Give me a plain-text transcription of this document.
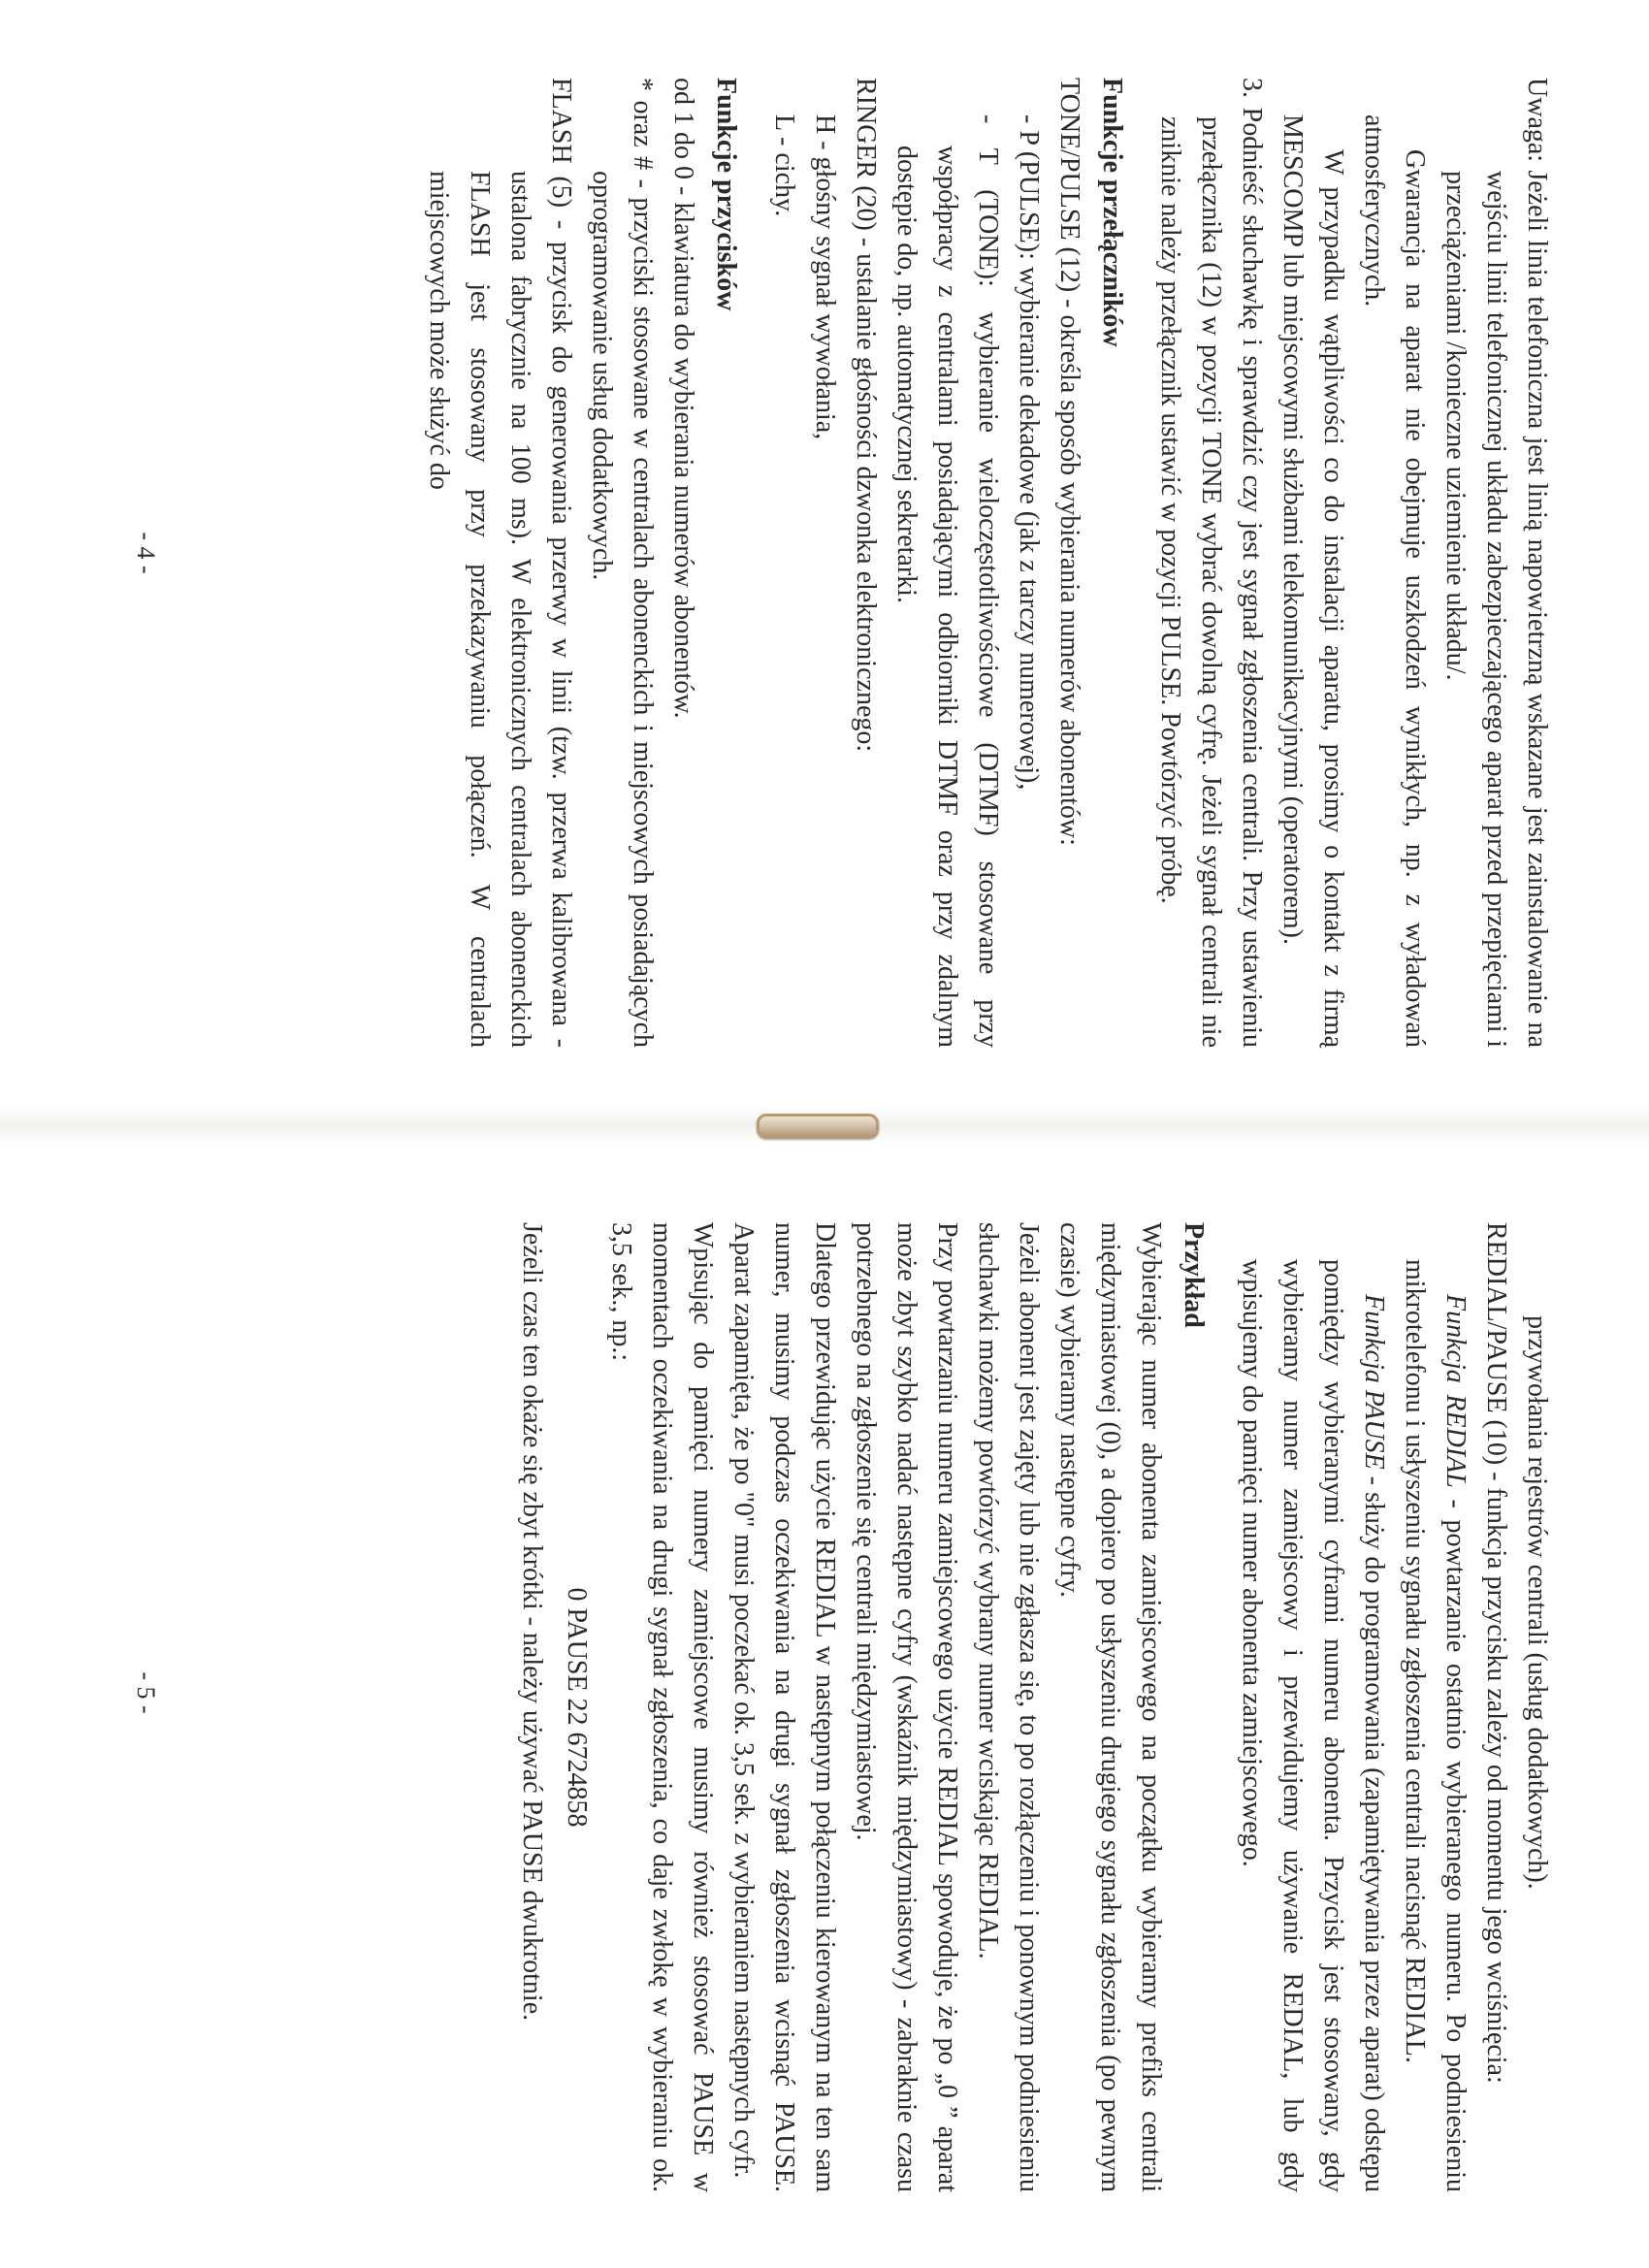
Uwaga: Jeżeli linia telefoniczna jest linią napowietrzną wskazane jest zainstalowanie na wejściu linii telefonicznej układu zabezpieczającego aparat przed przepięciami i przeciążeniami /konieczne uziemienie układu/.

Gwarancja na aparat nie obejmuje uszkodzeń wynikłych, np. z wyładowań atmosferycznych.

W przypadku wątpliwości co do instalacji aparatu, prosimy o kontakt z firmą MESCOMP lub miejscowymi służbami telekomunikacyjnymi (operatorem).

3. Podnieść słuchawkę i sprawdzić czy jest sygnał zgłoszenia centrali. Przy ustawieniu przełącznika (12) w pozycji TONE wybrać dowolną cyfrę. Jeżeli sygnał centrali nie zniknie należy przełącznik ustawić w pozycji PULSE. Powtórzyć próbę.

Funkcje przełączników

TONE/PULSE (12) - określa sposób wybierania numerów abonentów:

- P (PULSE): wybieranie dekadowe (jak z tarczy numerowej),

- T (TONE): wybieranie wieloczęstotliwościowe (DTMF) stosowane przy współpracy z centralami posiadającymi odbiorniki DTMF oraz przy zdalnym dostępie do, np. automatycznej sekretarki.

RINGER (20) - ustalanie głośności dzwonka elektronicznego:

H - głośny sygnał wywołania,

L - cichy.

Funkcje przycisków

od 1 do 0 - klawiatura do wybierania numerów abonentów.

* oraz # - przyciski stosowane w centralach abonenckich i miejscowych posiadających oprogramowanie usług dodatkowych.

FLASH (5) - przycisk do generowania przerwy w linii (tzw. przerwa kalibrowana - ustalona fabrycznie na 100 ms). W elektronicznych centralach abonenckich FLASH jest stosowany przy przekazywaniu połączeń. W centralach miejscowych może służyć do

- 4 -

przywołania rejestrów centrali (usług dodatkowych).

REDIAL/PAUSE (10) - funkcja przycisku zależy od momentu jego wciśnięcia:

Funkcja REDIAL - powtarzanie ostatnio wybieranego numeru. Po podniesieniu mikrotelefonu i usłyszeniu sygnału zgłoszenia centrali nacisnąć REDIAL.

Funkcja PAUSE - służy do programowania (zapamiętywania przez aparat) odstępu pomiędzy wybieranymi cyframi numeru abonenta. Przycisk jest stosowany, gdy wybieramy numer zamiejscowy i przewidujemy używanie REDIAL, lub gdy wpisujemy do pamięci numer abonenta zamiejscowego.

Przykład

Wybierając numer abonenta zamiejscowego na początku wybieramy prefiks centrali międzymiastowej (0), a dopiero po usłyszeniu drugiego sygnału zgłoszenia (po pewnym czasie) wybieramy następne cyfry.

Jeżeli abonent jest zajęty lub nie zgłasza się, to po rozłączeniu i ponownym podniesieniu słuchawki możemy powtórzyć wybrany numer wciskając REDIAL.

Przy powtarzaniu numeru zamiejscowego użycie REDIAL spowoduje, że po „0 ” aparat może zbyt szybko nadać następne cyfry (wskaźnik międzymiastowy) - zabraknie czasu potrzebnego na zgłoszenie się centrali międzymiastowej.

Dlatego przewidując użycie REDIAL w następnym połączeniu kierowanym na ten sam numer, musimy podczas oczekiwania na drugi sygnał zgłoszenia wcisnąć PAUSE. Aparat zapamięta, że po "0" musi poczekać ok. 3,5 sek. z wybieraniem następnych cyfr.

Wpisując do pamięci numery zamiejscowe musimy również stosować PAUSE w momentach oczekiwania na drugi sygnał zgłoszenia, co daje zwłokę w wybieraniu ok. 3,5 sek., np.:

0 PAUSE 22 6724858

Jeżeli czas ten okaże się zbyt krótki - należy używać PAUSE dwukrotnie.

- 5 -
